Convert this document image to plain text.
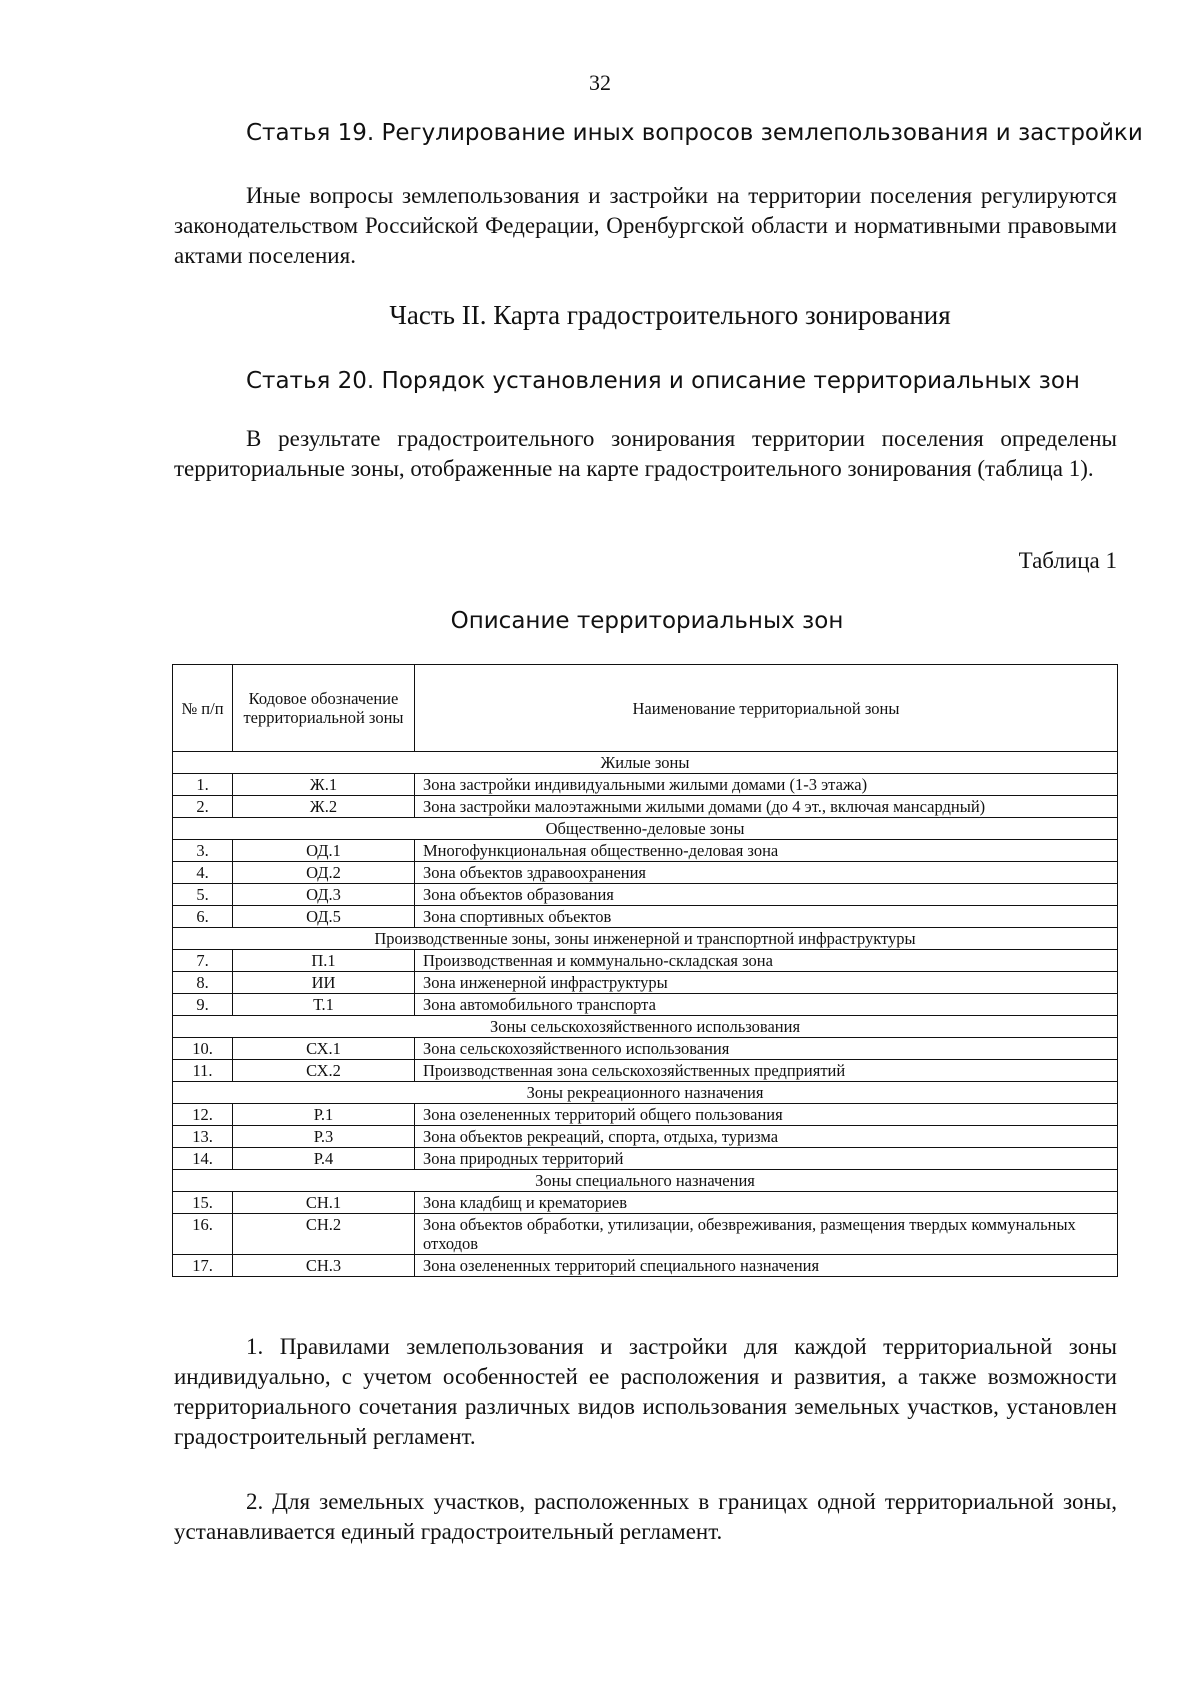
32
Статья 19. Регулирование иных вопросов землепользования и застройки
Иные вопросы землепользования и застройки на территории поселения регулируются законодательством Российской Федерации, Оренбургской области и нормативными правовыми актами поселения.
Часть II. Карта градостроительного зонирования
Статья 20. Порядок установления и описание территориальных зон
В результате градостроительного зонирования территории поселения определены территориальные зоны, отображенные на карте градостроительного зонирования (таблица 1).
Таблица 1
Описание территориальных зон
№ п/п	Кодовое обозначение территориальной зоны	Наименование территориальной зоны
Жилые зоны		
1.	Ж.1	Зона застройки индивидуальными жилыми домами (1-3 этажа)
2.	Ж.2	Зона застройки малоэтажными жилыми домами (до 4 эт., включая мансардный)
Общественно-деловые зоны		
3.	ОД.1	Многофункциональная общественно-деловая зона
4.	ОД.2	Зона объектов здравоохранения
5.	ОД.3	Зона объектов образования
6.	ОД.5	Зона спортивных объектов
Производственные зоны, зоны инженерной и транспортной инфраструктуры		
7.	П.1	Производственная и коммунально-складская зона
8.	ИИ	Зона инженерной инфраструктуры
9.	Т.1	Зона автомобильного транспорта
Зоны сельскохозяйственного использования		
10.	СХ.1	Зона сельскохозяйственного использования
11.	СХ.2	Производственная зона сельскохозяйственных предприятий
Зоны рекреационного назначения		
12.	Р.1	Зона озелененных территорий общего пользования
13.	Р.3	Зона объектов рекреаций, спорта, отдыха, туризма
14.	Р.4	Зона природных территорий
Зоны специального назначения		
15.	СН.1	Зона кладбищ и крематориев
16.	СН.2	Зона объектов обработки, утилизации, обезвреживания, размещения твердых коммунальных отходов
17.	СН.3	Зона озелененных территорий специального назначения
1. Правилами землепользования и застройки для каждой территориальной зоны индивидуально, с учетом особенностей ее расположения и развития, а также возможности территориального сочетания различных видов использования земельных участков, установлен градостроительный регламент.
2. Для земельных участков, расположенных в границах одной территориальной зоны, устанавливается единый градостроительный регламент.
